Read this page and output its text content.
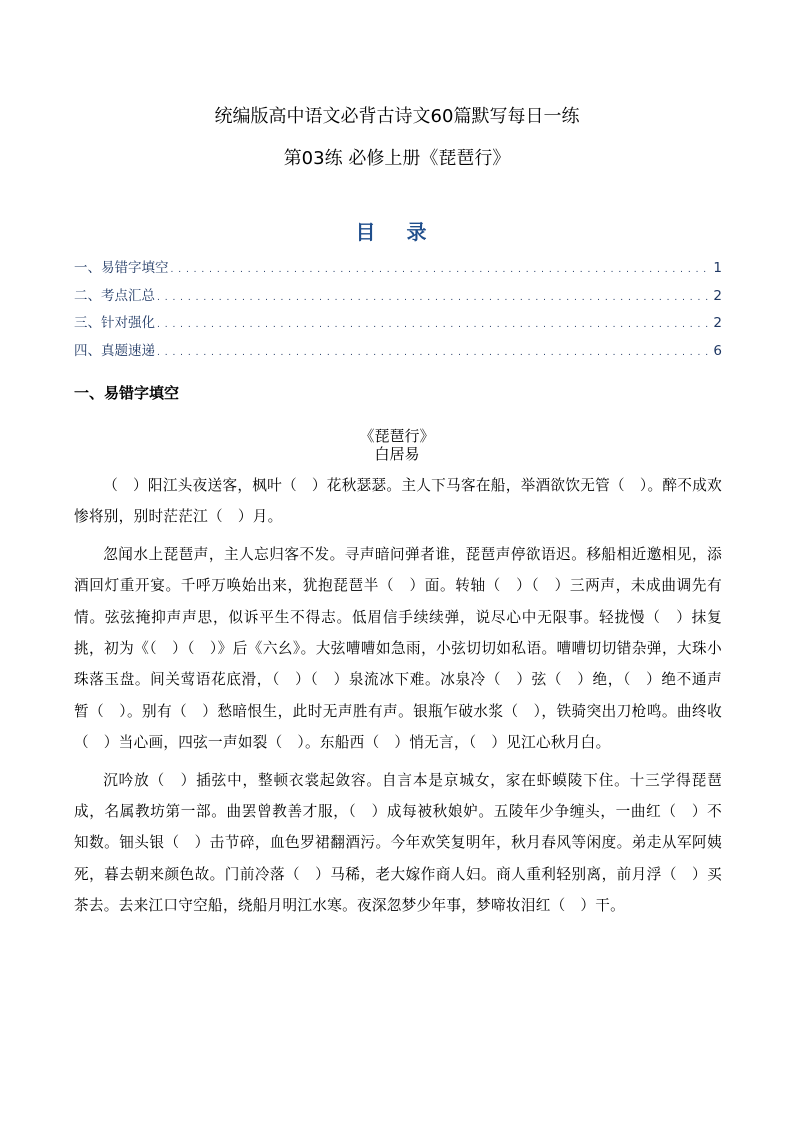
统编版高中语文必背古诗文60篇默写每日一练
第03练 必修上册《琵琶行》
目 录
一、易错字填空 . . .	1
二、考点汇总 . . .	2
三、针对强化 . . .	2
四、真题速递 . . .	6
一、易错字填空
《琵琶行》
白居易

（　）阳江头夜送客，枫叶（　）花秋瑟瑟。主人下马客在船，举酒欲饮无管（　）。醉不成欢惨将别，别时茫茫江（　）月。

忽闻水上琵琶声，主人忘归客不发。寻声暗问弹者谁，琵琶声停欲语迟。移船相近邀相见，添酒回灯重开宴。千呼万唤始出来，犹抱琵琶半（　）面。转轴（　）（　）三两声，未成曲调先有情。弦弦掩抑声声思，似诉平生不得志。低眉信手续续弹，说尽心中无限事。轻拢慢（　）抹复挑，初为《（　）（　）》后《六幺》。大弦嘈嘈如急雨，小弦切切如私语。嘈嘈切切错杂弹，大珠小珠落玉盘。间关莺语花底滑，（　）（　）泉流冰下难。冰泉冷（　）弦（　）绝，（　）绝不通声暂（　）。别有（　）愁暗恨生，此时无声胜有声。银瓶乍破水浆（　），铁骑突出刀枪鸣。曲终收（　）当心画，四弦一声如裂（　）。东船西（　）悄无言，（　）见江心秋月白。

沉吟放（　）插弦中，整顿衣裳起敛容。自言本是京城女，家在虾蟆陵下住。十三学得琵琶成，名属教坊第一部。曲罢曾教善才服，（　）成每被秋娘妒。五陵年少争缠头，一曲红（　）不知数。钿头银（　）击节碎，血色罗裙翻酒污。今年欢笑复明年，秋月春风等闲度。弟走从军阿姨死，暮去朝来颜色故。门前冷落（　）马稀，老大嫁作商人妇。商人重利轻别离，前月浮（　）买茶去。去来江口守空船，绕船月明江水寒。夜深忽梦少年事，梦啼妆泪红（　）干。
